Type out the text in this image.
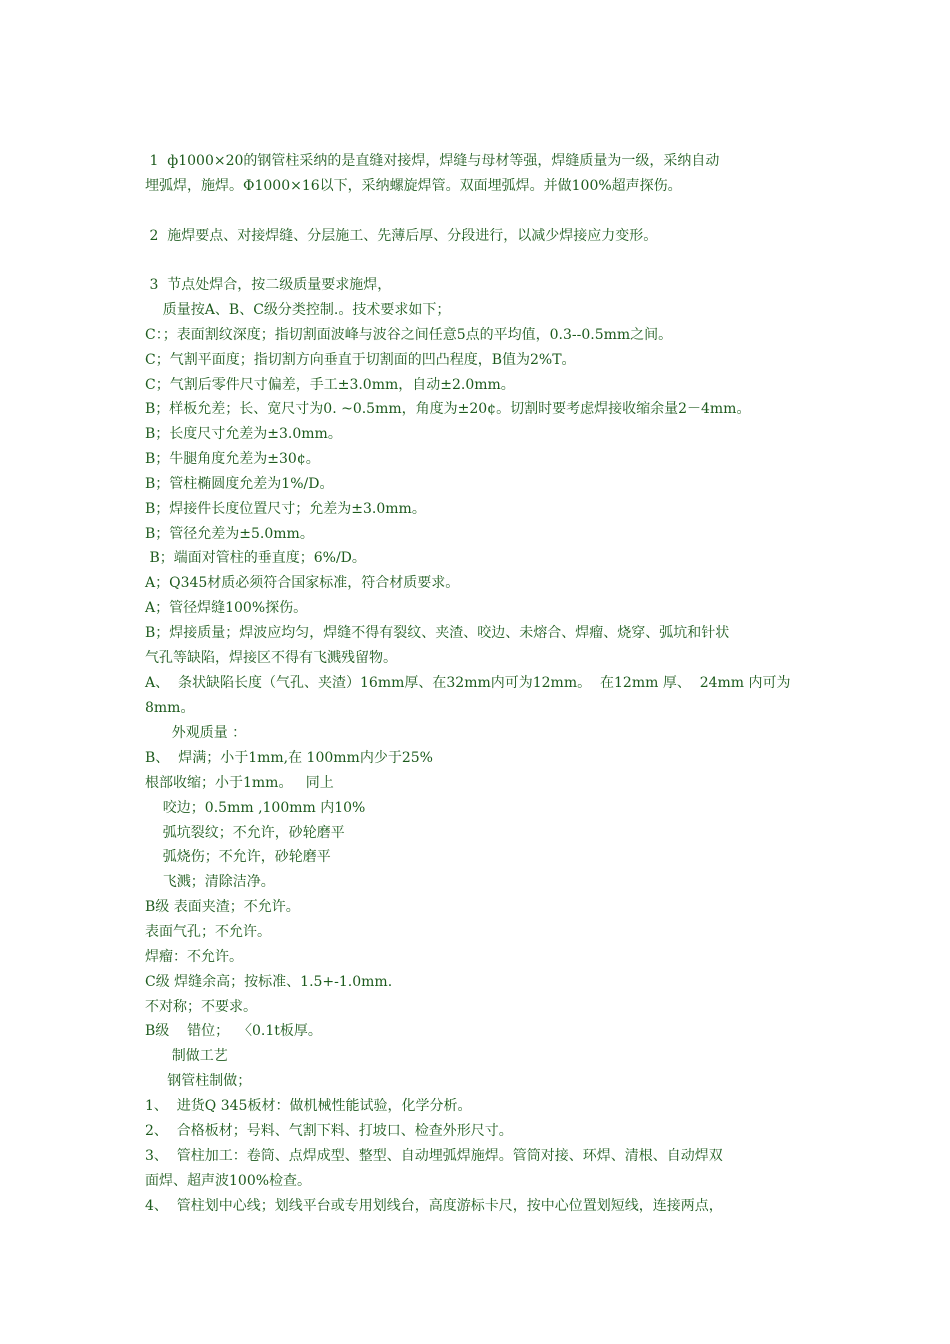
1  ф1000×20的钢管柱采纳的是直缝对接焊，焊缝与母材等强，焊缝质量为一级，采纳自动
埋弧焊，施焊。Φ1000×16以下，采纳螺旋焊管。双面埋弧焊。并做100%超声探伤。
2  施焊要点、对接焊缝、分层施工、先薄后厚、分段进行，以减少焊接应力变形。
3  节点处焊合，按二级质量要求施焊，
质量按A、B、C级分类控制.。技术要求如下；
C：；表面割纹深度；指切割面波峰与波谷之间任意5点的平均值，0.3--0.5mm之间。
C；气割平面度；指切割方向垂直于切割面的凹凸程度，B值为2%T。
C；气割后零件尺寸偏差，手工±3.0mm，自动±2.0mm。
B；样板允差；长、宽尺寸为0. ~0.5mm，角度为±20¢。切割时要考虑焊接收缩余量2－4mm。
B；长度尺寸允差为±3.0mm。
B；牛腿角度允差为±30¢。
B；管柱椭圆度允差为1%/D。
B；焊接件长度位置尺寸；允差为±3.0mm。
B；管径允差为±5.0mm。
B；端面对管柱的垂直度；6%/D。
A；Q345材质必须符合国家标准，符合材质要求。
A；管径焊缝100%探伤。
B；焊接质量；焊波应均匀，焊缝不得有裂纹、夹渣、咬边、未熔合、焊瘤、烧穿、弧坑和针状
气孔等缺陷，焊接区不得有飞溅残留物。
A、  条状缺陷长度（气孔、夹渣）16mm厚、在32mm内可为12mm。  在12mm 厚、  24mm 内可为
8mm。
外观质量 ：
B、  焊满；小于1mm,在 100mm内少于25%
根部收缩；小于1mm。   同上
咬边；0.5mm ,100mm 内10%
弧坑裂纹；不允许，砂轮磨平
弧烧伤；不允许，砂轮磨平
飞溅；清除洁净。
B级 表面夹渣；不允许。
表面气孔；不允许。
焊瘤：不允许。
C级 焊缝余高；按标准、1.5+-1.0mm.
不对称；不要求。
B级    错位；  〈0.1t板厚。
制做工艺
钢管柱制做；
1、  进货Q 345板材：做机械性能试验，化学分析。
2、  合格板材；号料、气割下料、打坡口、检查外形尺寸。
3、  管柱加工：卷筒、点焊成型、整型、自动埋弧焊施焊。管筒对接、环焊、清根、自动焊双
面焊、超声波100%检查。
4、  管柱划中心线；划线平台或专用划线台，高度游标卡尺，按中心位置划短线，连接两点，
